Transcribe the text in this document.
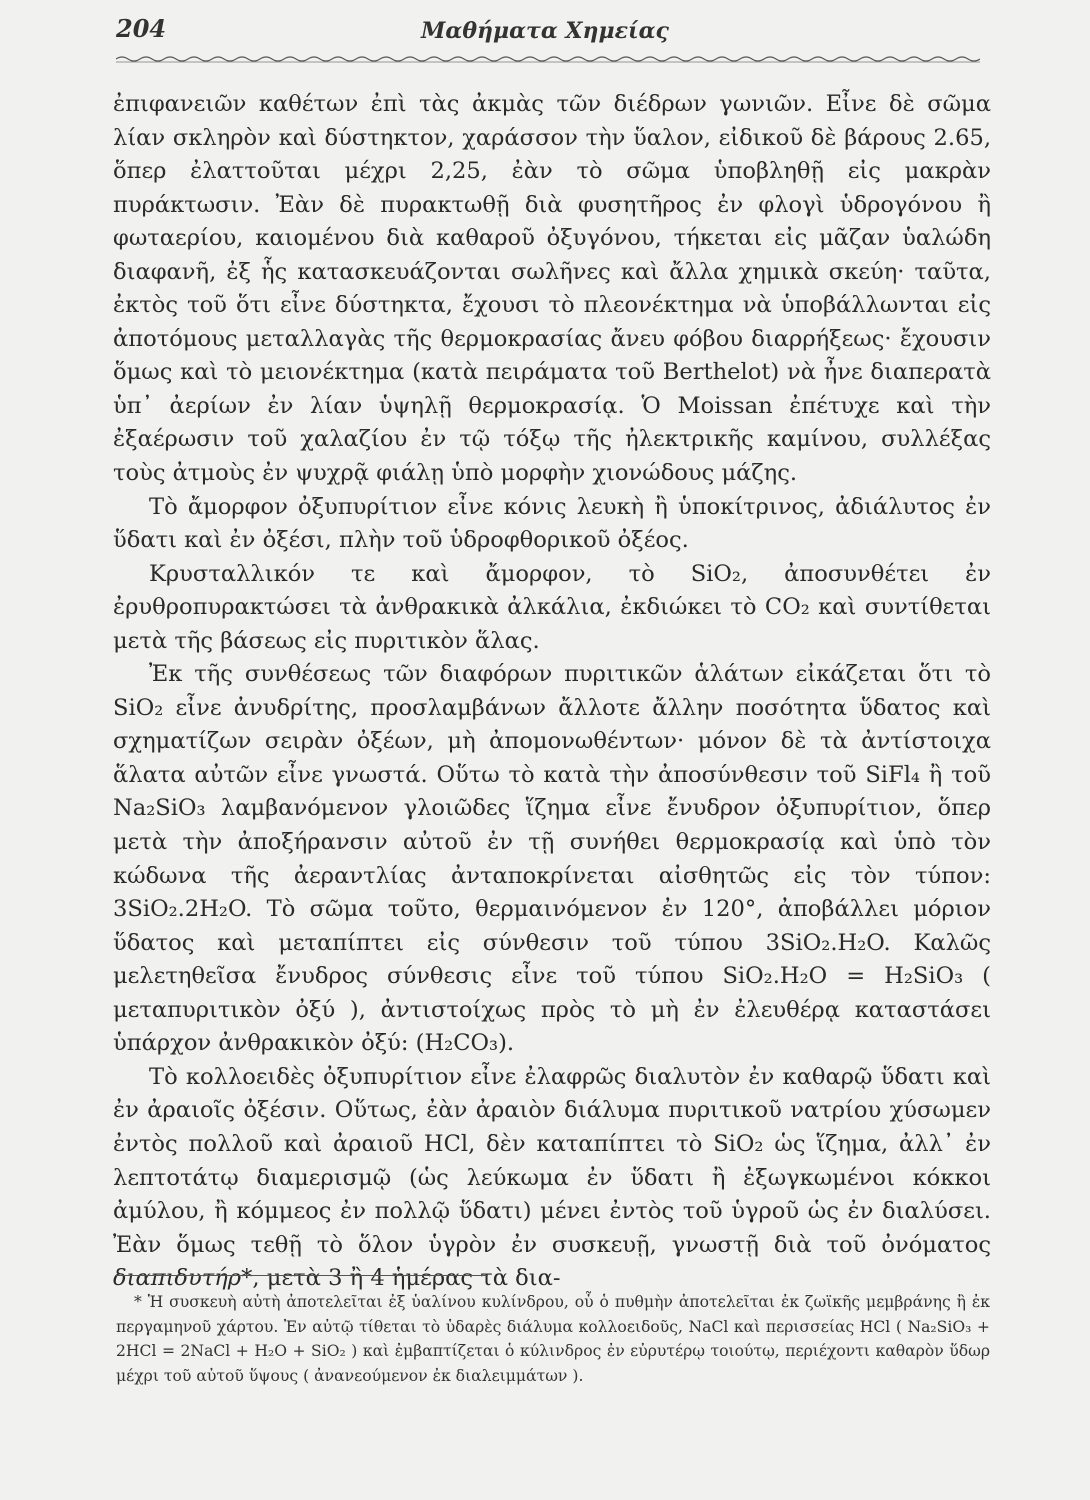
204	Μαθήματα Χημείας

ἐπιφανειῶν καθέτων ἐπὶ τὰς ἀκμὰς τῶν διέδρων γωνιῶν. Εἶνε δὲ σῶμα λίαν σκληρὸν καὶ δύστηκτον, χαράσσον τὴν ὕαλον, εἰδικοῦ δὲ βάρους 2.65, ὅπερ ἐλαττοῦται μέχρι 2,25, ἐὰν τὸ σῶμα ὑποβληθῇ εἰς μακρὰν πυράκτωσιν. Ἐὰν δὲ πυρακτωθῇ διὰ φυσητῆρος ἐν φλογὶ ὑδρογόνου ἢ φωταερίου, καιομένου διὰ καθαροῦ ὀξυγόνου, τήκεται εἰς μᾶζαν ὑαλώδη διαφανῆ, ἐξ ἧς κατασκευάζονται σωλῆνες καὶ ἄλλα χημικὰ σκεύη· ταῦτα, ἐκτὸς τοῦ ὅτι εἶνε δύστηκτα, ἔχουσι τὸ πλεονέκτημα νὰ ὑποβάλλωνται εἰς ἀποτόμους μεταλλαγὰς τῆς θερμοκρασίας ἄνευ φόβου διαρρήξεως· ἔχουσιν ὅμως καὶ τὸ μειονέκτημα (κατὰ πειράματα τοῦ Berthelot) νὰ ἦνε διαπερατὰ ὑπ᾿ ἀερίων ἐν λίαν ὑψηλῇ θερμοκρασίᾳ. Ὁ Moissan ἐπέτυχε καὶ τὴν ἐξαέρωσιν τοῦ χαλαζίου ἐν τῷ τόξῳ τῆς ἠλεκτρικῆς καμίνου, συλλέξας τοὺς ἀτμοὺς ἐν ψυχρᾷ φιάλῃ ὑπὸ μορφὴν χιονώδους μάζης.

Τὸ ἄμορφον ὀξυπυρίτιον εἶνε κόνις λευκὴ ἢ ὑποκίτρινος, ἀδιάλυτος ἐν ὕδατι καὶ ἐν ὀξέσι, πλὴν τοῦ ὑδροφθορικοῦ ὀξέος.

Κρυσταλλικόν τε καὶ ἄμορφον, τὸ SiO₂, ἀποσυνθέτει ἐν ἐρυθροπυρακτώσει τὰ ἀνθρακικὰ ἀλκάλια, ἐκδιώκει τὸ CO₂ καὶ συντίθεται μετὰ τῆς βάσεως εἰς πυριτικὸν ἅλας.

Ἐκ τῆς συνθέσεως τῶν διαφόρων πυριτικῶν ἁλάτων εἰκάζεται ὅτι τὸ SiO₂ εἶνε ἀνυδρίτης, προσλαμβάνων ἄλλοτε ἄλλην ποσότητα ὕδατος καὶ σχηματίζων σειρὰν ὀξέων, μὴ ἀπομονωθέντων· μόνον δὲ τὰ ἀντίστοιχα ἅλατα αὐτῶν εἶνε γνωστά. Οὕτω τὸ κατὰ τὴν ἀποσύνθεσιν τοῦ SiFl₄ ἢ τοῦ Na₂SiO₃ λαμβανόμενον γλοιῶδες ἵζημα εἶνε ἔνυδρον ὀξυπυρίτιον, ὅπερ μετὰ τὴν ἀποξήρανσιν αὐτοῦ ἐν τῇ συνήθει θερμοκρασίᾳ καὶ ὑπὸ τὸν κώδωνα τῆς ἀεραντλίας ἀνταποκρίνεται αἰσθητῶς εἰς τὸν τύπον: 3SiO₂.2H₂O. Τὸ σῶμα τοῦτο, θερμαινόμενον ἐν 120°, ἀποβάλλει μόριον ὕδατος καὶ μεταπίπτει εἰς σύνθεσιν τοῦ τύπου 3SiO₂.H₂O. Καλῶς μελετηθεῖσα ἔνυδρος σύνθεσις εἶνε τοῦ τύπου SiO₂.H₂O = H₂SiO₃ ( μεταπυριτικὸν ὀξύ ), ἀντιστοίχως πρὸς τὸ μὴ ἐν ἐλευθέρᾳ καταστάσει ὑπάρχον ἀνθρακικὸν ὀξύ: (H₂CO₃).

Τὸ κολλοειδὲς ὀξυπυρίτιον εἶνε ἐλαφρῶς διαλυτὸν ἐν καθαρῷ ὕδατι καὶ ἐν ἀραιοῖς ὀξέσιν. Οὕτως, ἐὰν ἀραιὸν διάλυμα πυριτικοῦ νατρίου χύσωμεν ἐντὸς πολλοῦ καὶ ἀραιοῦ HCl, δὲν καταπίπτει τὸ SiO₂ ὡς ἵζημα, ἀλλ᾿ ἐν λεπτοτάτῳ διαμερισμῷ (ὡς λεύκωμα ἐν ὕδατι ἢ ἐξωγκωμένοι κόκκοι ἀμύλου, ἢ κόμμεος ἐν πολλῷ ὕδατι) μένει ἐντὸς τοῦ ὑγροῦ ὡς ἐν διαλύσει. Ἐὰν ὅμως τεθῇ τὸ ὅλον ὑγρὸν ἐν συσκευῇ, γνωστῇ διὰ τοῦ ὀνόματος διαπιδυτήρ*, μετὰ 3 ἢ 4 ἡμέρας τὰ δια-

* Ἡ συσκευὴ αὐτὴ ἀποτελεῖται ἐξ ὑαλίνου κυλίνδρου, οὗ ὁ πυθμὴν ἀποτελεῖται ἐκ ζωϊκῆς μεμβράνης ἢ ἐκ περγαμηνοῦ χάρτου. Ἐν αὐτῷ τίθεται τὸ ὑδαρὲς διάλυμα κολλοειδοῦς, NaCl καὶ περισσείας HCl ( Na₂SiO₃ + 2HCl = 2NaCl + H₂O + SiO₂ ) καὶ ἐμβαπτίζεται ὁ κύλινδρος ἐν εὐρυτέρῳ τοιούτῳ, περιέχοντι καθαρὸν ὕδωρ μέχρι τοῦ αὐτοῦ ὕψους ( ἀνανεούμενον ἐκ διαλειμμάτων ).
